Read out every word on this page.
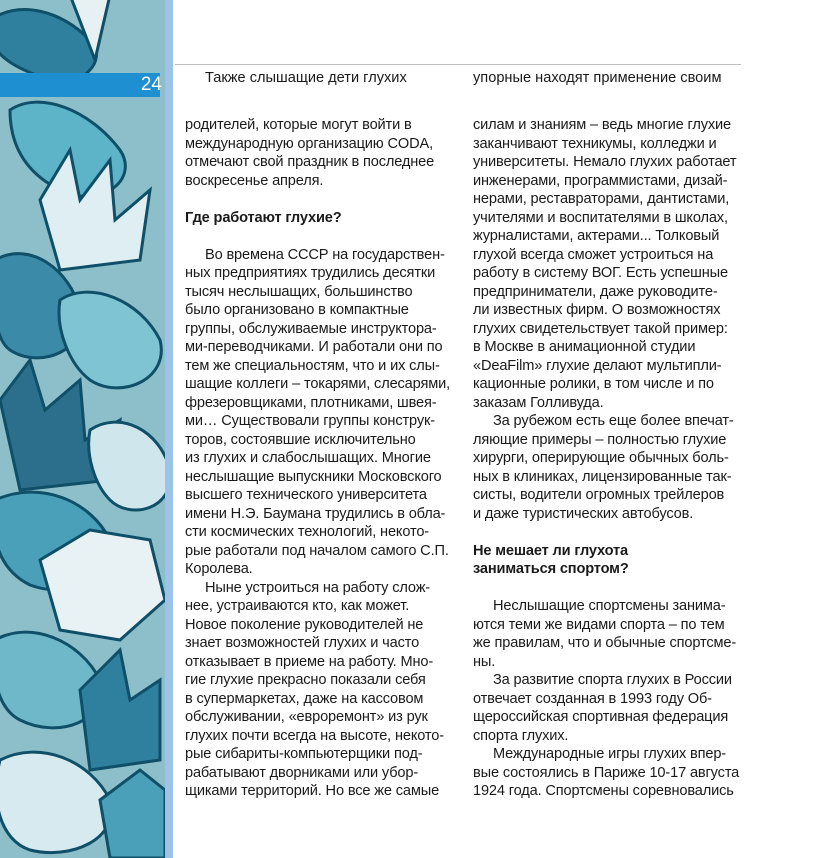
24	Также слышащие дети глухих	упорные находят применение своим

родителей, которые могут войти в

международную организацию CODA,

отмечают свой праздник в последнее

воскресенье апреля.

Где работают глухие?

Во времена СССР на государствен-

ных предприятиях трудились десятки

тысяч неслышащих, большинство

было организовано в компактные

группы, обслуживаемые инструктора-

ми-переводчиками. И работали они по

тем же специальностям, что и их слы-

шащие коллеги – токарями, слесарями,

фрезеровщиками, плотниками, швея-

ми… Существовали группы конструк-

торов, состоявшие исключительно

из глухих и слабослышащих. Многие

неслышащие выпускники Московского

высшего технического университета

имени Н.Э. Баумана трудились в обла-

сти космических технологий, некото-

рые работали под началом самого С.П.

Королева.

Ныне устроиться на работу слож-

нее, устраиваются кто, как может.

Новое поколение руководителей не

знает возможностей глухих и часто

отказывает в приеме на работу. Мно-

гие глухие прекрасно показали себя

в супермаркетах, даже на кассовом

обслуживании, «евроремонт» из рук

глухих почти всегда на высоте, некото-

рые сибариты-компьютерщики под-

рабатывают дворниками или убор-

щиками территорий. Но все же самые

силам и знаниям – ведь многие глухие

заканчивают техникумы, колледжи и

университеты. Немало глухих работает

инженерами, программистами, дизай-

нерами, реставраторами, дантистами,

учителями и воспитателями в школах,

журналистами, актерами... Толковый

глухой всегда сможет устроиться на

работу в систему ВОГ. Есть успешные

предприниматели, даже руководите-

ли известных фирм. О возможностях

глухих свидетельствует такой пример:

в Москве в анимационной студии

«DeaFilm» глухие делают мультипли-

кационные ролики, в том числе и по

заказам Голливуда.

За рубежом есть еще более впечат-

ляющие примеры – полностью глухие

хирурги, оперирующие обычных боль-

ных в клиниках, лицензированные так-

систы, водители огромных трейлеров

и даже туристических автобусов.

Не мешает ли глухота
заниматься спортом?

Неслышащие спортсмены занима-

ются теми же видами спорта – по тем

же правилам, что и обычные спортсме-

ны.

За развитие спорта глухих в России

отвечает созданная в 1993 году Об-

щероссийская спортивная федерация

спорта глухих.

Международные игры глухих впер-

вые состоялись в Париже 10-17 августа

1924 года. Спортсмены соревновались
